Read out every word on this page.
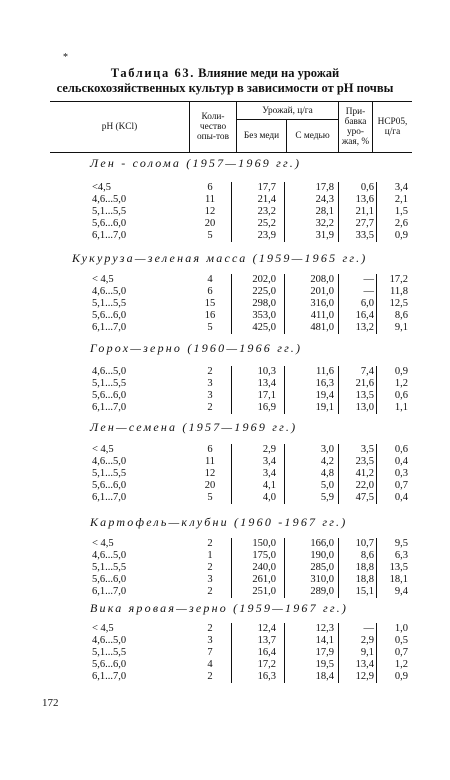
*
Таблица 63. Влияние меди на урожай
сельскохозяйственных культур в зависимости от pH почвы
pH (KCl)
Коли-чество опы-тов
Урожай, ц/га
Без меди	С медью
При-бавка уро-жая, %
НСР05, ц/га
Лен - солома (1957—1969 гг.)
<4,5	6	17,7	17,8	0,6	3,4
4,6...5,0	11	21,4	24,3	13,6	2,1
5,1...5,5	12	23,2	28,1	21,1	1,5
5,6...6,0	20	25,2	32,2	27,7	2,6
6,1...7,0	5	23,9	31,9	33,5	0,9
Кукуруза—зеленая масса (1959—1965 гг.)
< 4,5	4	202,0	208,0	—	17,2
4,6...5,0	6	225,0	201,0	—	11,8
5,1...5,5	15	298,0	316,0	6,0	12,5
5,6...6,0	16	353,0	411,0	16,4	8,6
6,1...7,0	5	425,0	481,0	13,2	9,1
Горох—зерно (1960—1966 гг.)
4,6...5,0	2	10,3	11,6	7,4	0,9
5,1...5,5	3	13,4	16,3	21,6	1,2
5,6...6,0	3	17,1	19,4	13,5	0,6
6,1...7,0	2	16,9	19,1	13,0	1,1
Лен—семена (1957—1969 гг.)
< 4,5	6	2,9	3,0	3,5	0,6
4,6...5,0	11	3,4	4,2	23,5	0,4
5,1...5,5	12	3,4	4,8	41,2	0,3
5,6...6,0	20	4,1	5,0	22,0	0,7
6,1...7,0	5	4,0	5,9	47,5	0,4
Картофель—клубни (1960 -1967 гг.)
< 4,5	2	150,0	166,0	10,7	9,5
4,6...5,0	1	175,0	190,0	8,6	6,3
5,1...5,5	2	240,0	285,0	18,8	13,5
5,6...6,0	3	261,0	310,0	18,8	18,1
6,1...7,0	2	251,0	289,0	15,1	9,4
Вика яровая—зерно (1959—1967 гг.)
< 4,5	2	12,4	12,3	—	1,0
4,6...5,0	3	13,7	14,1	2,9	0,5
5,1...5,5	7	16,4	17,9	9,1	0,7
5,6...6,0	4	17,2	19,5	13,4	1,2
6,1...7,0	2	16,3	18,4	12,9	0,9
172
